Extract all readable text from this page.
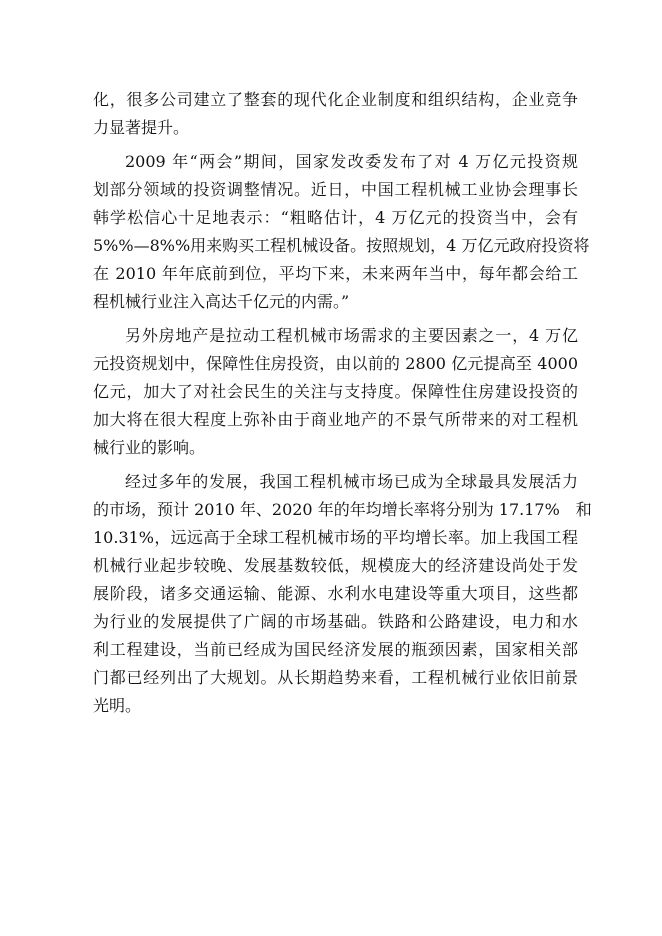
化，很多公司建立了整套的现代化企业制度和组织结构，企业竞争
力显著提升。
2009 年“两会”期间，国家发改委发布了对 4 万亿元投资规
划部分领域的投资调整情况。近日，中国工程机械工业协会理事长
韩学松信心十足地表示：“粗略估计，4 万亿元的投资当中，会有
5%%—8%%用来购买工程机械设备。按照规划，4 万亿元政府投资将
在 2010 年年底前到位，平均下来，未来两年当中，每年都会给工
程机械行业注入高达千亿元的内需。”
另外房地产是拉动工程机械市场需求的主要因素之一，4 万亿
元投资规划中，保障性住房投资，由以前的 2800 亿元提高至 4000
亿元，加大了对社会民生的关注与支持度。保障性住房建设投资的
加大将在很大程度上弥补由于商业地产的不景气所带来的对工程机
械行业的影响。
经过多年的发展，我国工程机械市场已成为全球最具发展活力
的市场，预计 2010 年、2020 年的年均增长率将分别为 17.17%　和
10.31%，远远高于全球工程机械市场的平均增长率。加上我国工程
机械行业起步较晚、发展基数较低，规模庞大的经济建设尚处于发
展阶段，诸多交通运输、能源、水利水电建设等重大项目，这些都
为行业的发展提供了广阔的市场基础。铁路和公路建设，电力和水
利工程建设，当前已经成为国民经济发展的瓶颈因素，国家相关部
门都已经列出了大规划。从长期趋势来看，工程机械行业依旧前景
光明。
